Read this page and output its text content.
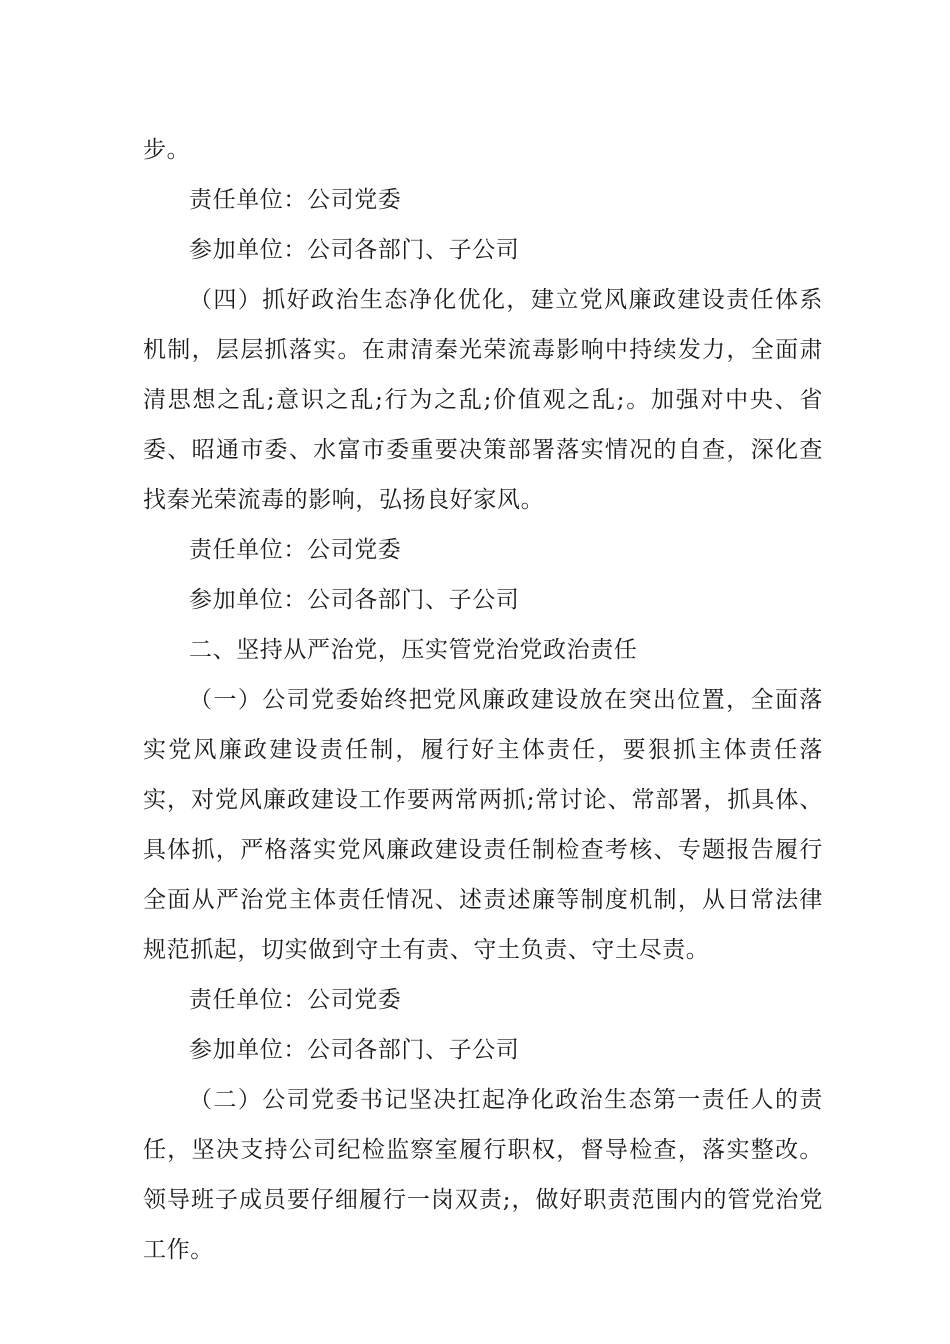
步。

责任单位：公司党委

参加单位：公司各部门、子公司

（四）抓好政治生态净化优化，建立党风廉政建设责任体系机制，层层抓落实。在肃清秦光荣流毒影响中持续发力，全面肃清思想之乱;意识之乱;行为之乱;价值观之乱;。加强对中央、省委、昭通市委、水富市委重要决策部署落实情况的自查，深化查找秦光荣流毒的影响，弘扬良好家风。

责任单位：公司党委

参加单位：公司各部门、子公司

二、坚持从严治党，压实管党治党政治责任

（一）公司党委始终把党风廉政建设放在突出位置，全面落实党风廉政建设责任制，履行好主体责任，要狠抓主体责任落实，对党风廉政建设工作要两常两抓;常讨论、常部署，抓具体、具体抓，严格落实党风廉政建设责任制检查考核、专题报告履行全面从严治党主体责任情况、述责述廉等制度机制，从日常法律规范抓起，切实做到守土有责、守土负责、守土尽责。

责任单位：公司党委

参加单位：公司各部门、子公司

（二）公司党委书记坚决扛起净化政治生态第一责任人的责任，坚决支持公司纪检监察室履行职权，督导检查，落实整改。领导班子成员要仔细履行一岗双责;，做好职责范围内的管党治党工作。
